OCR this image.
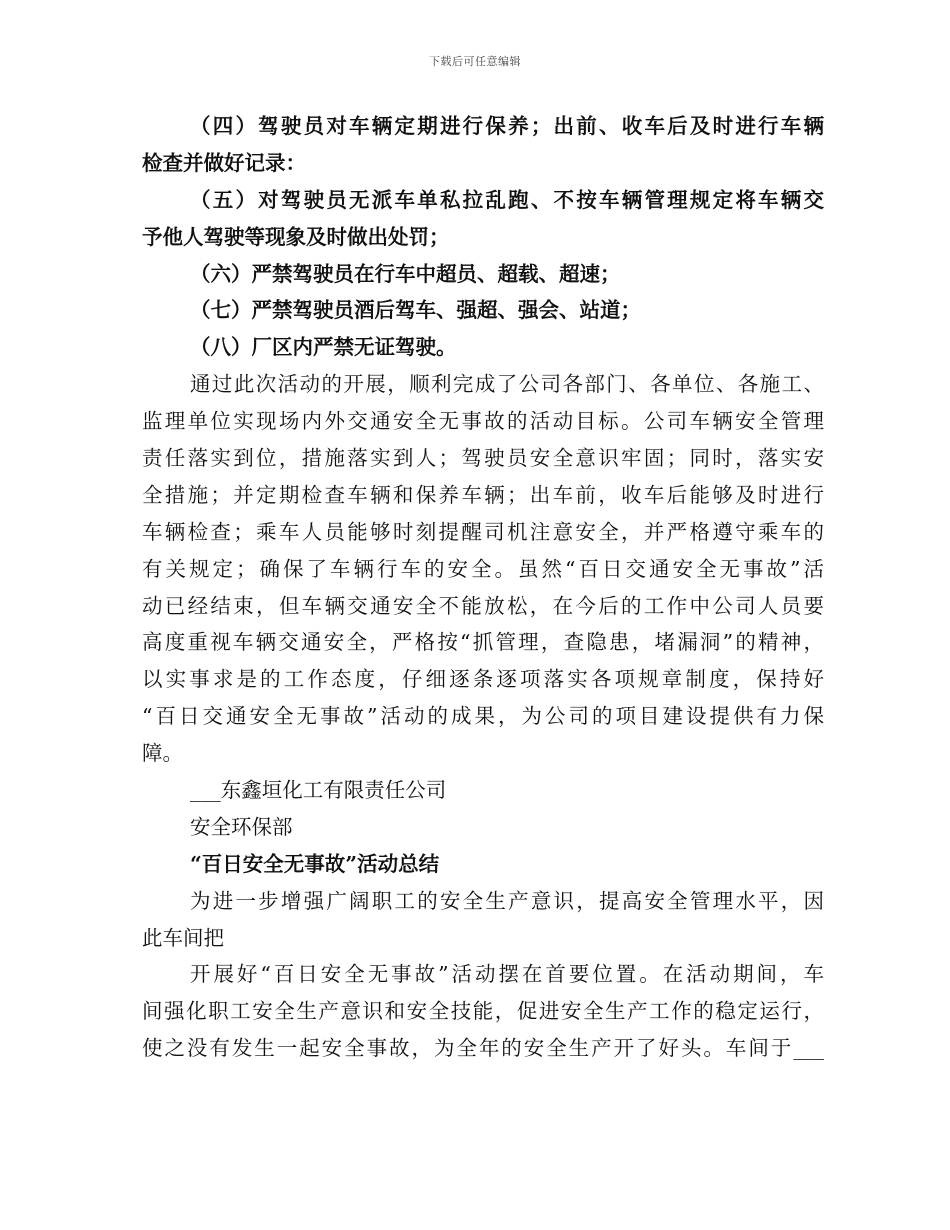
下载后可任意编辑
（四）驾驶员对车辆定期进行保养；出前、收车后及时进行车辆
检查并做好记录：
（五）对驾驶员无派车单私拉乱跑、不按车辆管理规定将车辆交
予他人驾驶等现象及时做出处罚；
（六）严禁驾驶员在行车中超员、超载、超速；
（七）严禁驾驶员酒后驾车、强超、强会、站道；
（八）厂区内严禁无证驾驶。
通过此次活动的开展，顺利完成了公司各部门、各单位、各施工、
监理单位实现场内外交通安全无事故的活动目标。公司车辆安全管理
责任落实到位，措施落实到人；驾驶员安全意识牢固；同时，落实安
全措施；并定期检查车辆和保养车辆；出车前，收车后能够及时进行
车辆检查；乘车人员能够时刻提醒司机注意安全，并严格遵守乘车的
有关规定；确保了车辆行车的安全。虽然“百日交通安全无事故”活
动已经结束，但车辆交通安全不能放松，在今后的工作中公司人员要
高度重视车辆交通安全，严格按“抓管理，查隐患，堵漏洞”的精神，
以实事求是的工作态度，仔细逐条逐项落实各项规章制度，保持好
“百日交通安全无事故”活动的成果，为公司的项目建设提供有力保
障。
___东鑫垣化工有限责任公司
安全环保部
“百日安全无事故”活动总结
为进一步增强广阔职工的安全生产意识，提高安全管理水平，因
此车间把
开展好“百日安全无事故”活动摆在首要位置。在活动期间，车
间强化职工安全生产意识和安全技能，促进安全生产工作的稳定运行，
使之没有发生一起安全事故，为全年的安全生产开了好头。车间于___
